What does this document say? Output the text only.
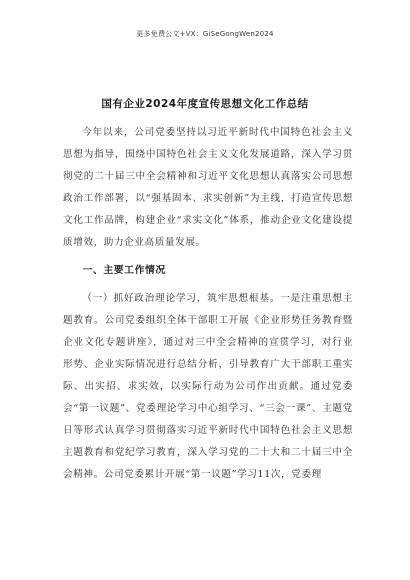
更多免费公文+VX：GiSeGongWen2024
国有企业2024年度宣传思想文化工作总结

今年以来，公司党委坚持以习近平新时代中国特色社会主义思想为指导，围绕中国特色社会主义文化发展道路，深入学习贯彻党的二十届三中全会精神和习近平文化思想认真落实公司思想政治工作部署，以“强基固本、求实创新”为主线，打造宣传思想文化工作品牌，构建企业“求实文化”体系，推动企业文化建设提质增效，助力企业高质量发展。

一、主要工作情况

（一）抓好政治理论学习，筑牢思想根基。一是注重思想主题教育。公司党委组织全体干部职工开展《企业形势任务教育暨企业文化专题讲座》，通过对三中全会精神的宣贯学习，对行业形势、企业实际情况进行总结分析，引导教育广大干部职工重实际、出实招、求实效，以实际行动为公司作出贡献。通过党委会“第一议题”、党委理论学习中心组学习、“三会一课”、主题党日等形式认真学习贯彻落实习近平新时代中国特色社会主义思想主题教育和党纪学习教育，深入学习党的二十大和二十届三中全会精神。公司党委累计开展“第一议题”学习11次，党委理
